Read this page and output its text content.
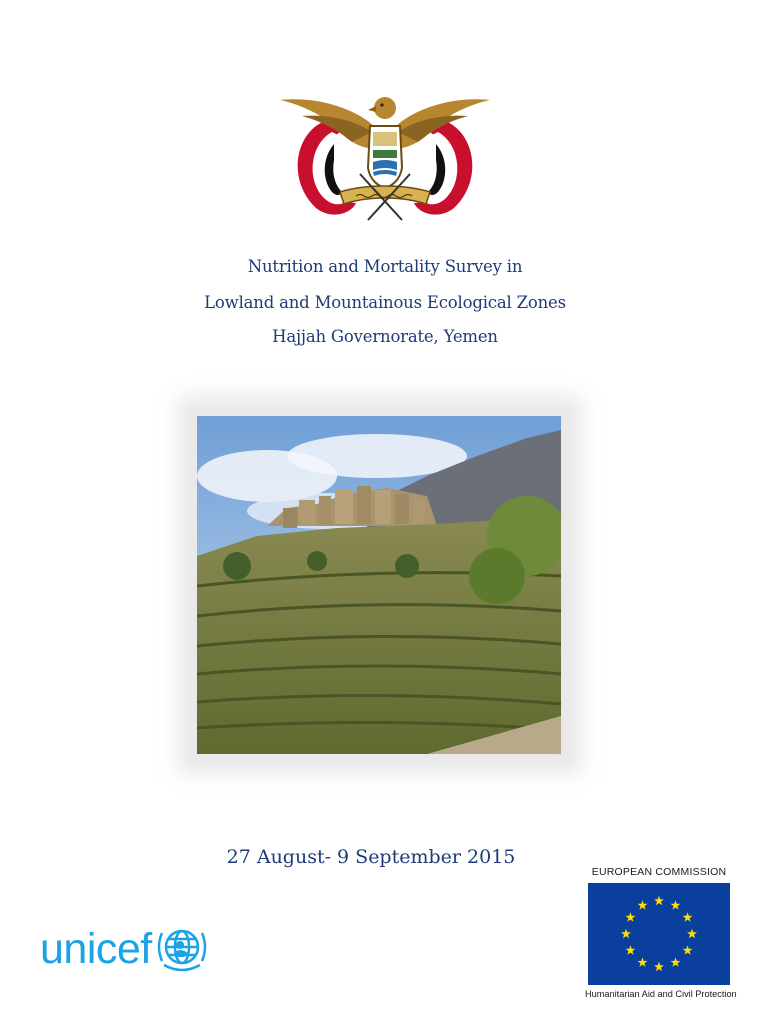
Nutrition and Mortality Survey in
Lowland and Mountainous Ecological Zones
Hajjah Governorate, Yemen
27 August- 9 September 2015
unicef
EUROPEAN COMMISSION
Humanitarian Aid and Civil Protection
